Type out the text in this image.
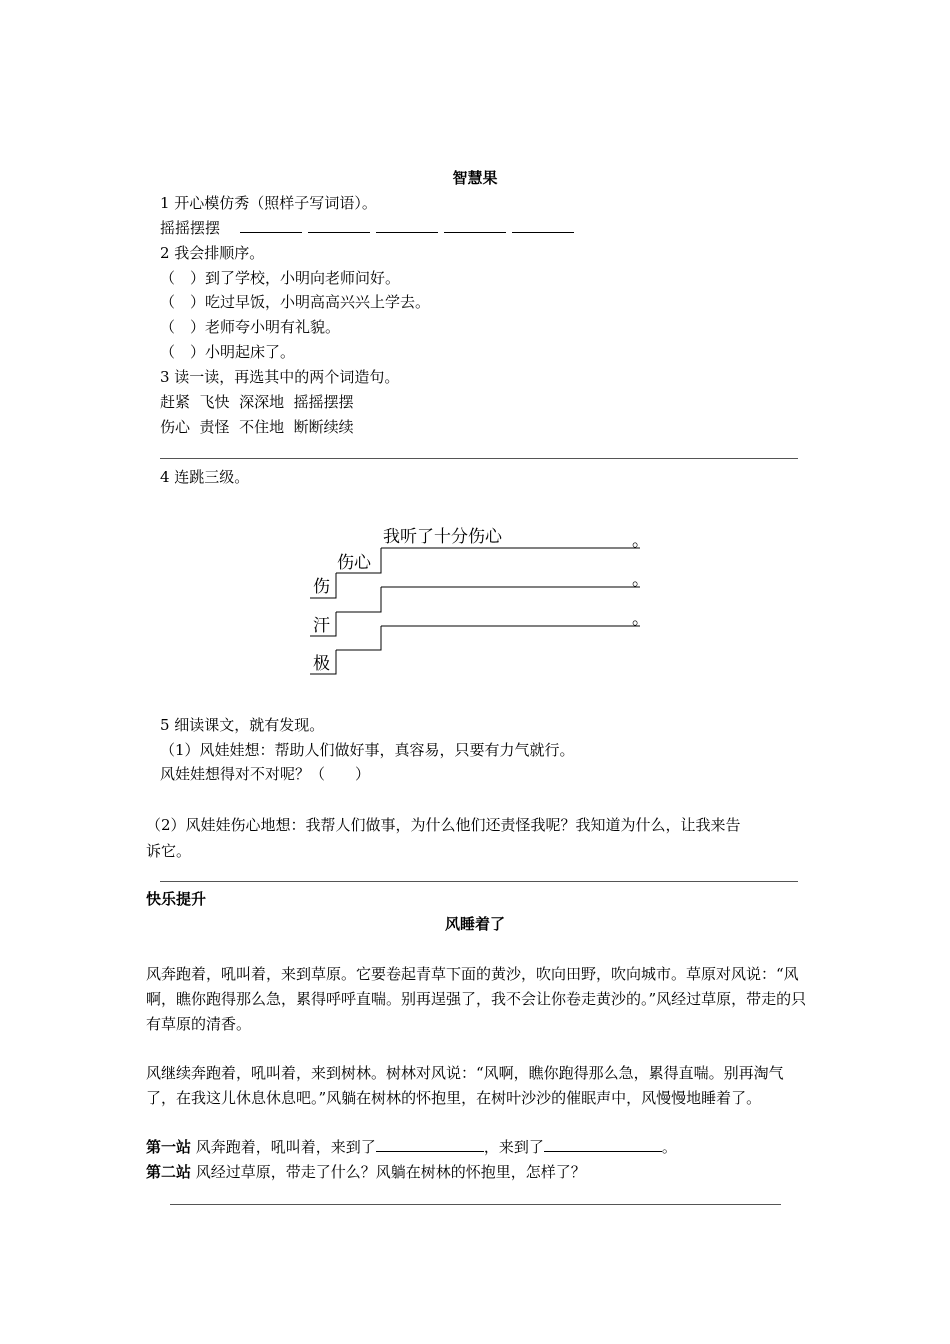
智慧果
1 开心模仿秀（照样子写词语）。
摇摇摆摆
2 我会排顺序。
（　）到了学校，小明向老师问好。
（　）吃过早饭，小明高高兴兴上学去。
（　）老师夸小明有礼貌。
（　）小明起床了。
3 读一读，再选其中的两个词造句。
赶紧  飞快  深深地  摇摇摆摆
伤心  责怪  不住地  断断续续
4 连跳三级。
我听了十分伤心	。
伤心
。
伤
。
汗
极
5 细读课文，就有发现。
（1）风娃娃想：帮助人们做好事，真容易，只要有力气就行。
风娃娃想得对不对呢？（　　）
（2）风娃娃伤心地想：我帮人们做事，为什么他们还责怪我呢？我知道为什么，让我来告
诉它。
快乐提升
风睡着了
风奔跑着，吼叫着，来到草原。它要卷起青草下面的黄沙，吹向田野，吹向城市。草原对风说：“风啊，瞧你跑得那么急，累得呼呼直喘。别再逞强了，我不会让你卷走黄沙的。”风经过草原，带走的只有草原的清香。
风继续奔跑着，吼叫着，来到树林。树林对风说：“风啊，瞧你跑得那么急，累得直喘。别再淘气了，在我这儿休息休息吧。”风躺在树林的怀抱里，在树叶沙沙的催眠声中，风慢慢地睡着了。
第一站 风奔跑着，吼叫着，来到了	，来到了	。
第二站 风经过草原，带走了什么？风躺在树林的怀抱里，怎样了？
